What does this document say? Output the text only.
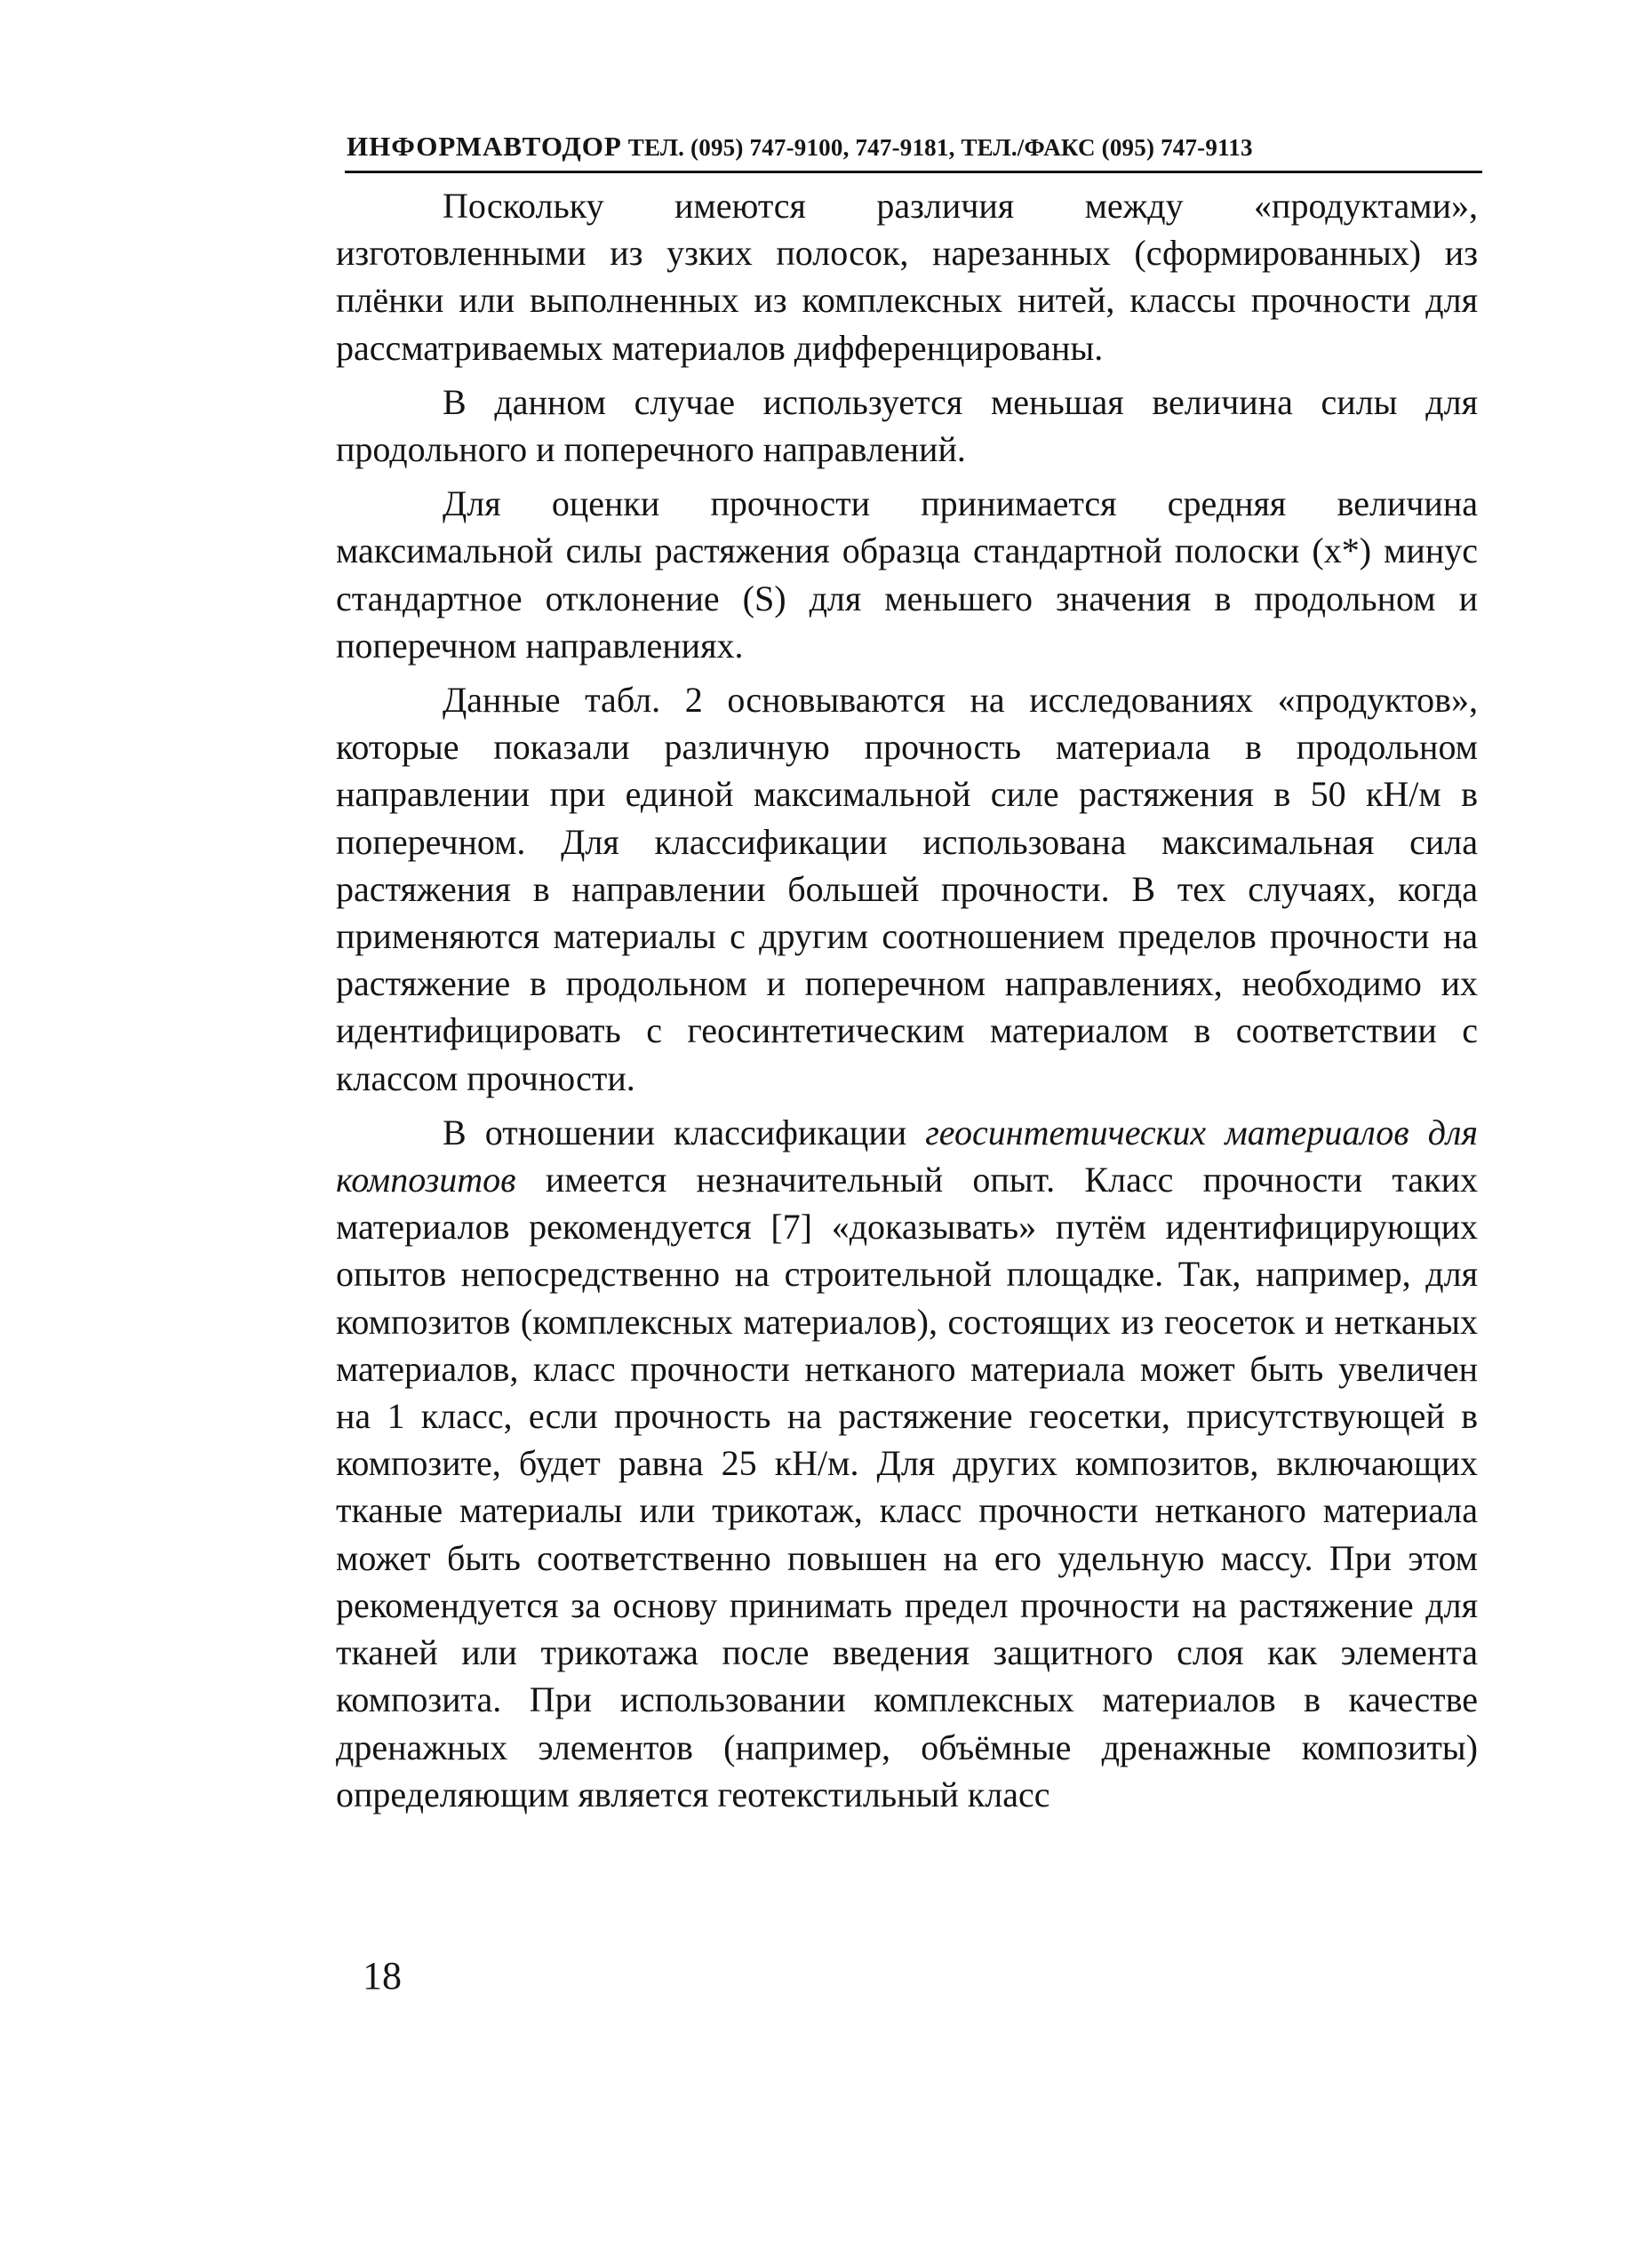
ИНФОРМАВТОДОР ТЕЛ. (095) 747-9100, 747-9181, ТЕЛ./ФАКС (095) 747-9113

Поскольку имеются различия между «продуктами», изготовленными из узких полосок, нарезанных (сформированных) из плёнки или выполненных из комплексных нитей, классы прочности для рассматриваемых материалов дифференцированы.

В данном случае используется меньшая величина силы для продольного и поперечного направлений.

Для оценки прочности принимается средняя величина максимальной силы растяжения образца стандартной полоски (x*) минус стандартное отклонение (S) для меньшего значения в продольном и поперечном направлениях.

Данные табл. 2 основываются на исследованиях «продуктов», которые показали различную прочность материала в продольном направлении при единой максимальной силе растяжения в 50 кН/м в поперечном. Для классификации использована максимальная сила растяжения в направлении большей прочности. В тех случаях, когда применяются материалы с другим соотношением пределов прочности на растяжение в продольном и поперечном направлениях, необходимо их идентифицировать с геосинтетическим материалом в соответствии с классом прочности.

В отношении классификации геосинтетических материалов для композитов имеется незначительный опыт. Класс прочности таких материалов рекомендуется [7] «доказывать» путём идентифицирующих опытов непосредственно на строительной площадке. Так, например, для композитов (комплексных материалов), состоящих из геосеток и нетканых материалов, класс прочности нетканого материала может быть увеличен на 1 класс, если прочность на растяжение геосетки, присутствующей в композите, будет равна 25 кН/м. Для других композитов, включающих тканые материалы или трикотаж, класс прочности нетканого материала может быть соответственно повышен на его удельную массу. При этом рекомендуется за основу принимать предел прочности на растяжение для тканей или трикотажа после введения защитного слоя как элемента композита. При использовании комплексных материалов в качестве дренажных элементов (например, объёмные дренажные композиты) определяющим является геотекстильный класс

18
